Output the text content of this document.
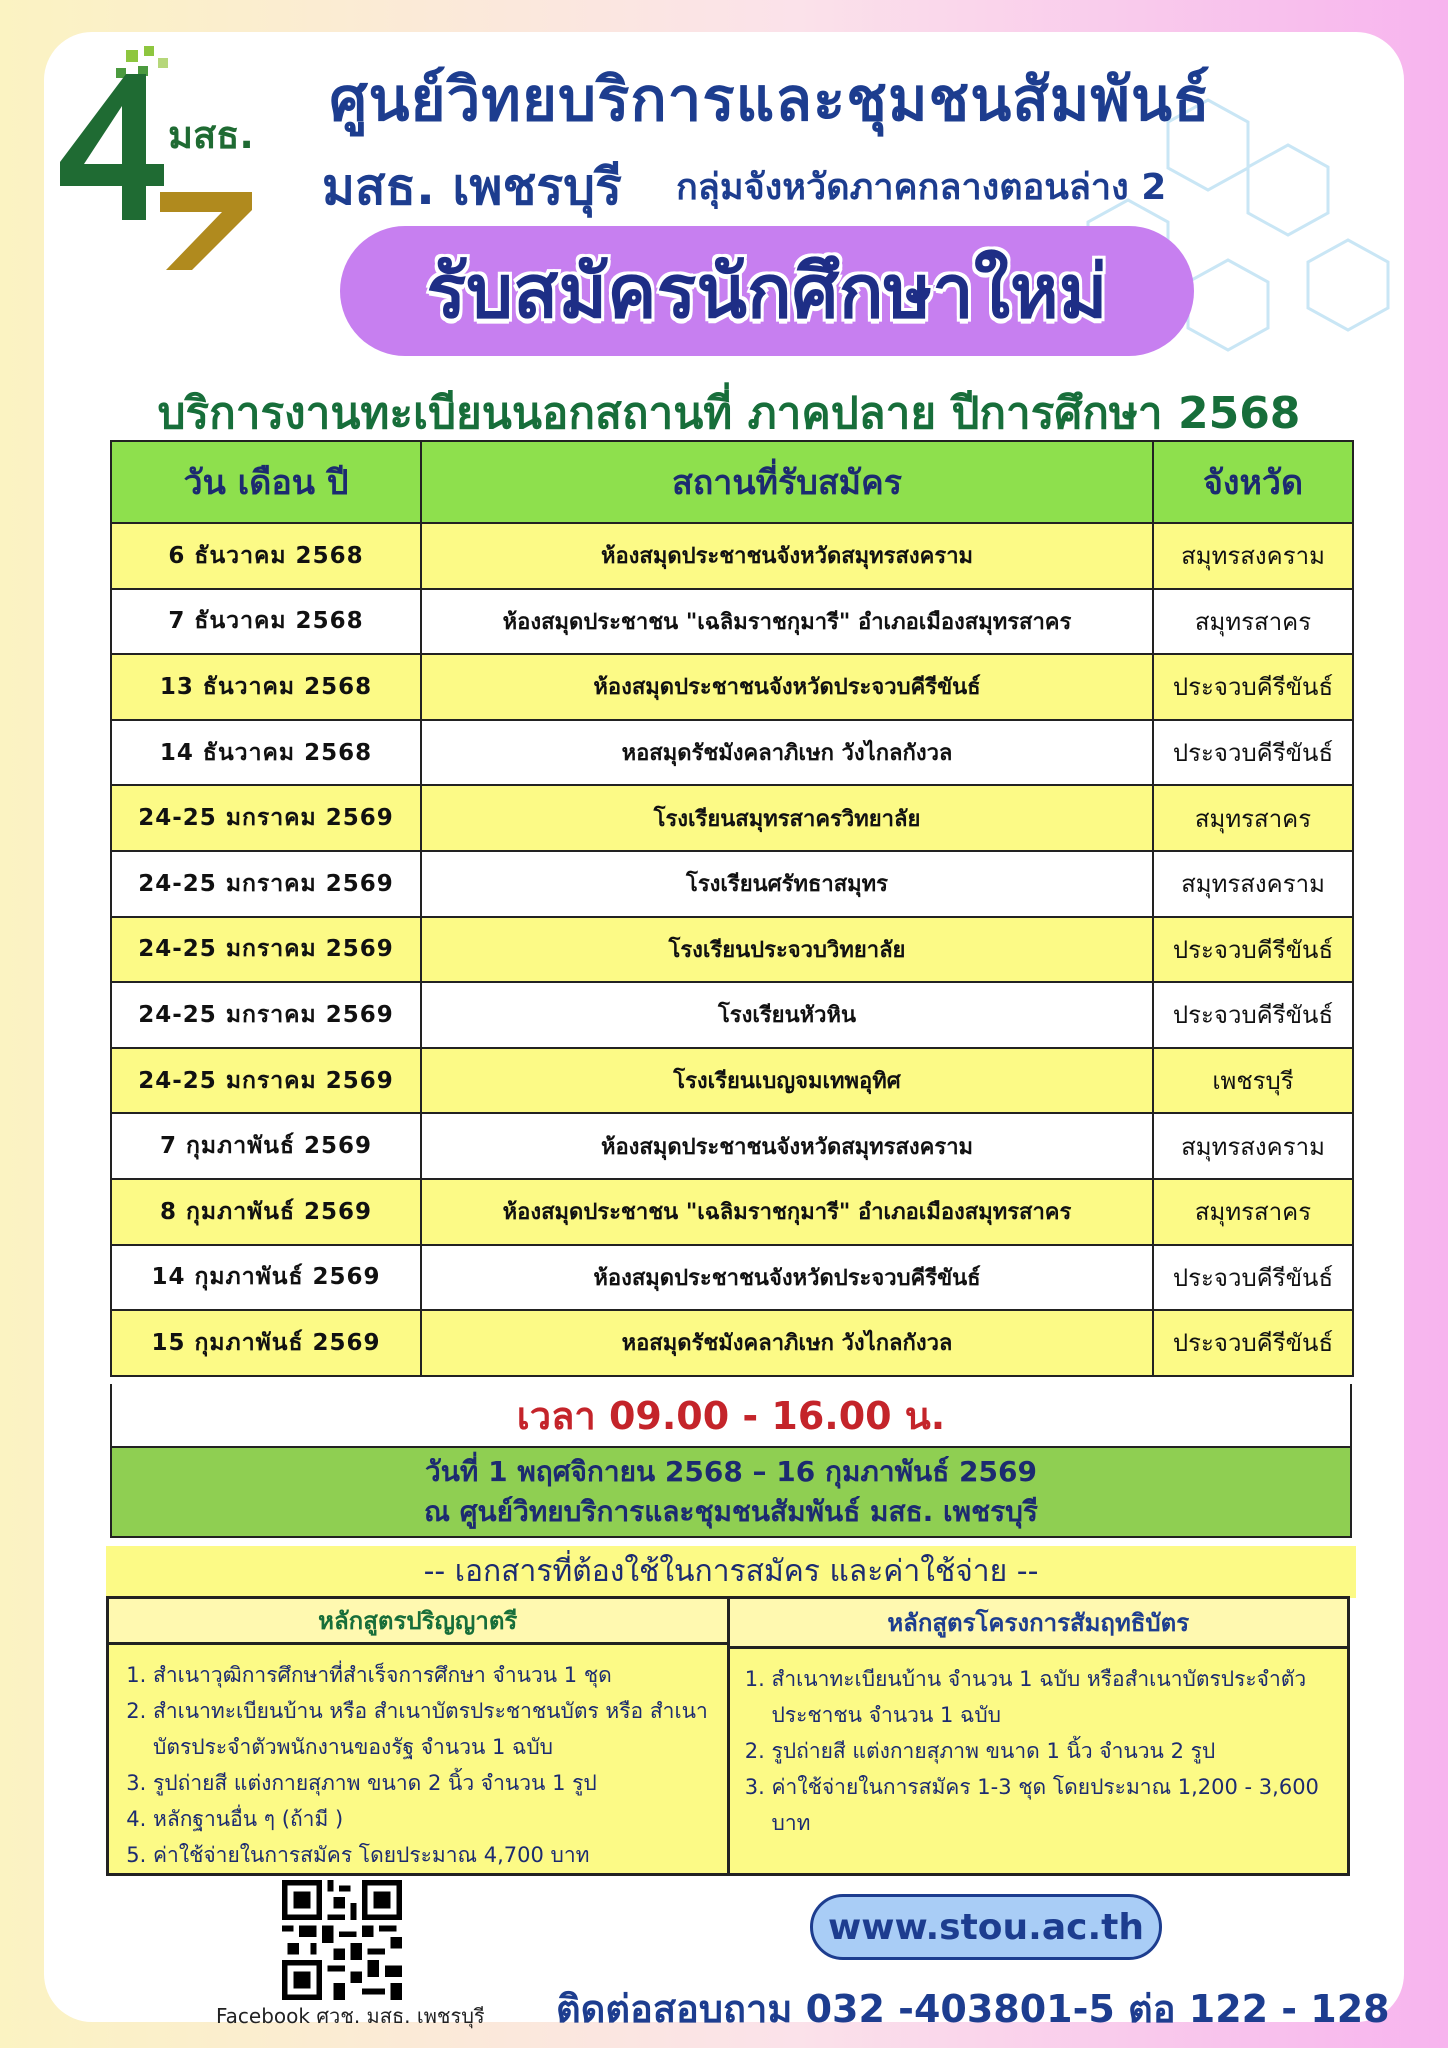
มสธ.	ศูนย์วิทยบริการและชุมชนสัมพันธ์
มสธ. เพชรบุรี กลุ่มจังหวัดภาคกลางตอนล่าง 2
รับสมัครนักศึกษาใหม่
บริการงานทะเบียนนอกสถานที่ ภาคปลาย ปีการศึกษา 2568
วัน เดือน ปี	สถานที่รับสมัคร	จังหวัด
6 ธันวาคม 2568	ห้องสมุดประชาชนจังหวัดสมุทรสงคราม	สมุทรสงคราม
7 ธันวาคม 2568	ห้องสมุดประชาชน "เฉลิมราชกุมารี" อำเภอเมืองสมุทรสาคร	สมุทรสาคร
13 ธันวาคม 2568	ห้องสมุดประชาชนจังหวัดประจวบคีรีขันธ์	ประจวบคีรีขันธ์
14 ธันวาคม 2568	หอสมุดรัชมังคลาภิเษก วังไกลกังวล	ประจวบคีรีขันธ์
24-25 มกราคม 2569	โรงเรียนสมุทรสาครวิทยาลัย	สมุทรสาคร
24-25 มกราคม 2569	โรงเรียนศรัทธาสมุทร	สมุทรสงคราม
24-25 มกราคม 2569	โรงเรียนประจวบวิทยาลัย	ประจวบคีรีขันธ์
24-25 มกราคม 2569	โรงเรียนหัวหิน	ประจวบคีรีขันธ์
24-25 มกราคม 2569	โรงเรียนเบญจมเทพอุทิศ	เพชรบุรี
7 กุมภาพันธ์ 2569	ห้องสมุดประชาชนจังหวัดสมุทรสงคราม	สมุทรสงคราม
8 กุมภาพันธ์ 2569	ห้องสมุดประชาชน "เฉลิมราชกุมารี" อำเภอเมืองสมุทรสาคร	สมุทรสาคร
14 กุมภาพันธ์ 2569	ห้องสมุดประชาชนจังหวัดประจวบคีรีขันธ์	ประจวบคีรีขันธ์
15 กุมภาพันธ์ 2569	หอสมุดรัชมังคลาภิเษก วังไกลกังวล	ประจวบคีรีขันธ์
เวลา 09.00 - 16.00 น.
วันที่ 1 พฤศจิกายน 2568 – 16 กุมภาพันธ์ 2569
ณ ศูนย์วิทยบริการและชุมชนสัมพันธ์ มสธ. เพชรบุรี
-- เอกสารที่ต้องใช้ในการสมัคร และค่าใช้จ่าย --
หลักสูตรปริญญาตรี
1. สำเนาวุฒิการศึกษาที่สำเร็จการศึกษา จำนวน 1 ชุด
2. สำเนาทะเบียนบ้าน หรือ สำเนาบัตรประชาชนบัตร หรือ สำเนาบัตรประจำตัวพนักงานของรัฐ จำนวน 1 ฉบับ
3. รูปถ่ายสี แต่งกายสุภาพ ขนาด 2 นิ้ว จำนวน 1 รูป
4. หลักฐานอื่น ๆ (ถ้ามี )
5. ค่าใช้จ่ายในการสมัคร โดยประมาณ 4,700 บาท
หลักสูตรโครงการสัมฤทธิบัตร
1. สำเนาทะเบียนบ้าน จำนวน 1 ฉบับ หรือสำเนาบัตรประจำตัวประชาชน จำนวน 1 ฉบับ
2. รูปถ่ายสี แต่งกายสุภาพ ขนาด 1 นิ้ว จำนวน 2 รูป
3. ค่าใช้จ่ายในการสมัคร 1-3 ชุด โดยประมาณ 1,200 - 3,600 บาท
Facebook ศวช. มสธ. เพชรบุรี
www.stou.ac.th
ติดต่อสอบถาม 032 -403801-5 ต่อ 122 - 128
